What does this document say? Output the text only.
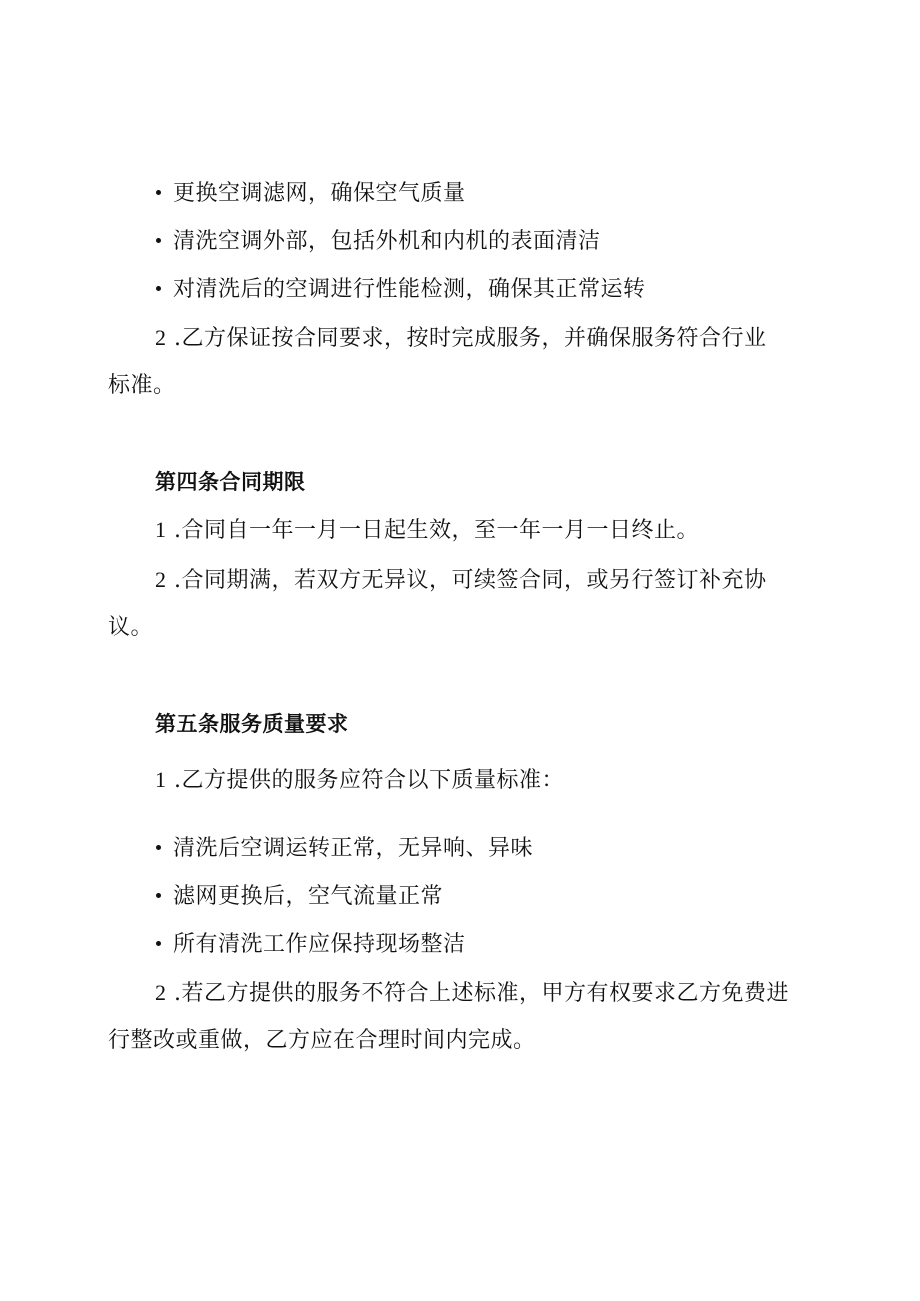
更换空调滤网，确保空气质量
清洗空调外部，包括外机和内机的表面清洁
对清洗后的空调进行性能检测，确保其正常运转
2 .乙方保证按合同要求，按时完成服务，并确保服务符合行业
标准。
第四条合同期限
1 .合同自一年一月一日起生效，至一年一月一日终止。
2 .合同期满，若双方无异议，可续签合同，或另行签订补充协
议。
第五条服务质量要求
1 .乙方提供的服务应符合以下质量标准：
清洗后空调运转正常，无异响、异味
滤网更换后，空气流量正常
所有清洗工作应保持现场整洁
2 .若乙方提供的服务不符合上述标准，甲方有权要求乙方免费进
行整改或重做，乙方应在合理时间内完成。
